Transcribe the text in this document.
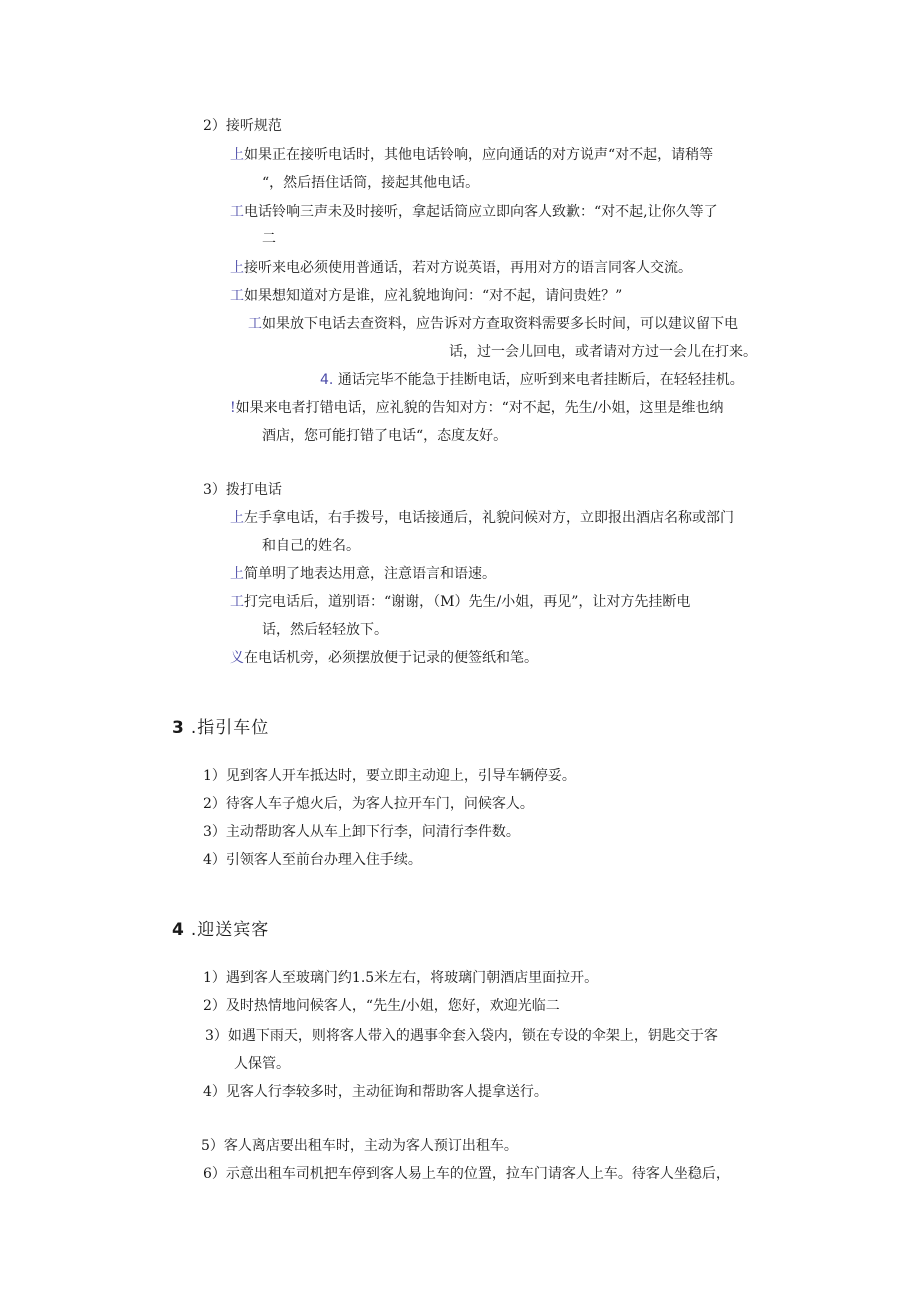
2）接听规范
上如果正在接听电话时，其他电话铃响，应向通话的对方说声“对不起，请稍等
“，然后捂住话筒，接起其他电话。
工电话铃响三声未及时接听，拿起话筒应立即向客人致歉：“对不起,让你久等了
二
上接听来电必须使用普通话，若对方说英语，再用对方的语言同客人交流。
工如果想知道对方是谁，应礼貌地询问：“对不起，请问贵姓？”
工如果放下电话去查资料，应告诉对方查取资料需要多长时间，可以建议留下电
话，过一会儿回电，或者请对方过一会儿在打来。
4. 通话完毕不能急于挂断电话，应听到来电者挂断后，在轻轻挂机。
!如果来电者打错电话，应礼貌的告知对方：“对不起，先生/小姐，这里是维也纳
酒店，您可能打错了电话“，态度友好。
3）拨打电话
上左手拿电话，右手拨号，电话接通后，礼貌问候对方，立即报出酒店名称或部门
和自己的姓名。
上简单明了地表达用意，注意语言和语速。
工打完电话后，道别语：“谢谢，（M）先生/小姐，再见”，让对方先挂断电
话，然后轻轻放下。
义在电话机旁，必须摆放便于记录的便签纸和笔。
3 .指引车位
1）见到客人开车抵达时，要立即主动迎上，引导车辆停妥。
2）待客人车子熄火后，为客人拉开车门，问候客人。
3）主动帮助客人从车上卸下行李，问清行李件数。
4）引领客人至前台办理入住手续。
4 .迎送宾客
1）遇到客人至玻璃门约1.5米左右，将玻璃门朝酒店里面拉开。
2）及时热情地问候客人，“先生/小姐，您好，欢迎光临二
3）如遇下雨天，则将客人带入的遇事伞套入袋内，锁在专设的伞架上，钥匙交于客
人保管。
4）见客人行李较多时，主动征询和帮助客人提拿送行。
5）客人离店要出租车时，主动为客人预订出租车。
6）示意出租车司机把车停到客人易上车的位置，拉车门请客人上车。待客人坐稳后，
